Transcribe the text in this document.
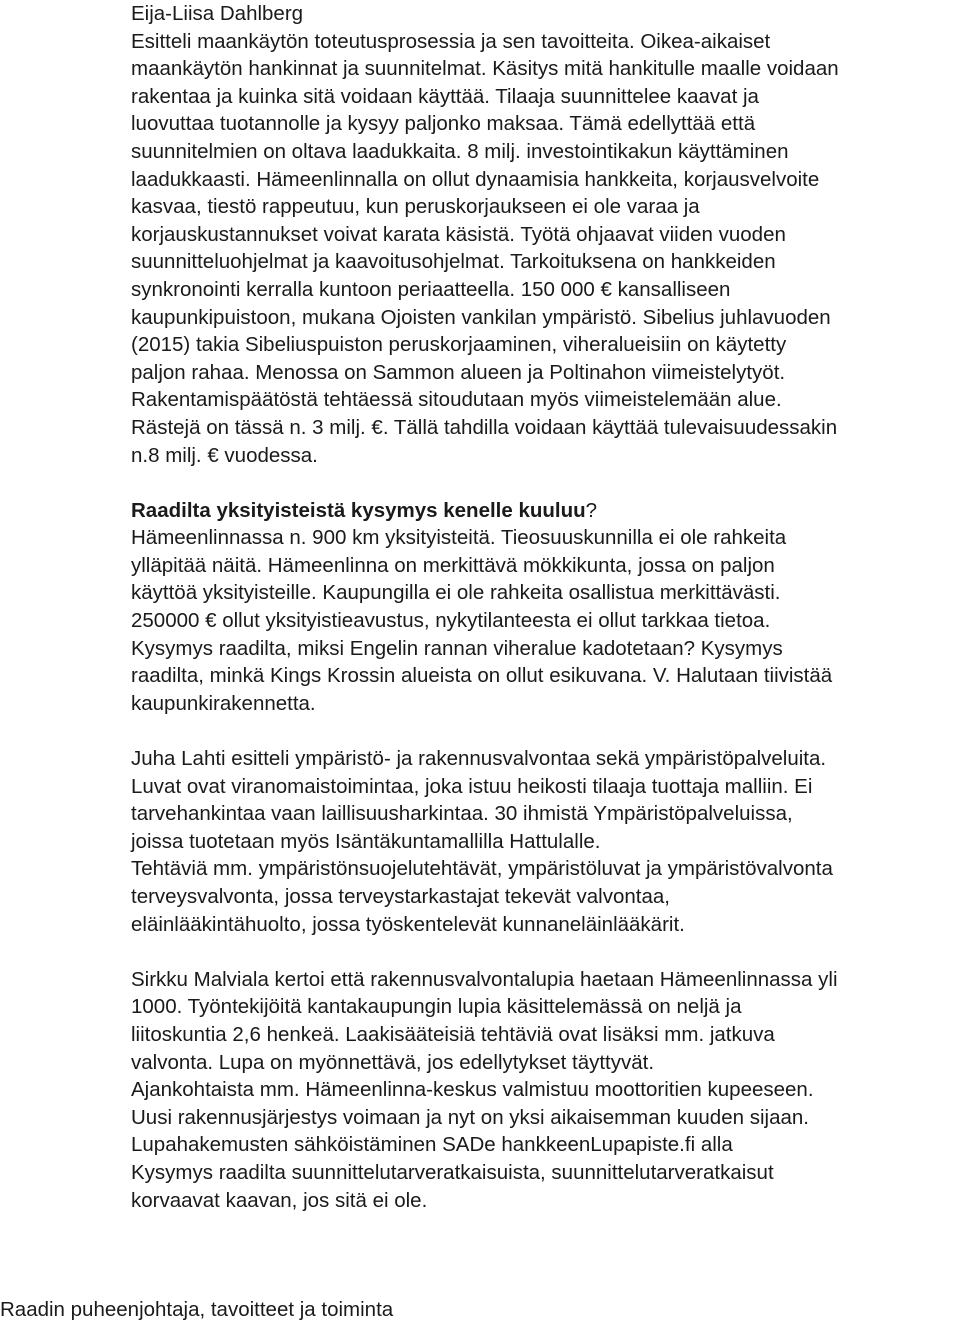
Eija-Liisa Dahlberg
Esitteli maankäytön toteutusprosessia ja sen tavoitteita. Oikea-aikaiset
maankäytön hankinnat ja suunnitelmat. Käsitys mitä hankitulle maalle voidaan
rakentaa ja kuinka sitä voidaan käyttää. Tilaaja suunnittelee kaavat ja
luovuttaa tuotannolle ja kysyy paljonko maksaa. Tämä edellyttää että
suunnitelmien on oltava laadukkaita. 8 milj. investointikakun käyttäminen
laadukkaasti. Hämeenlinnalla on ollut dynaamisia hankkeita, korjausvelvoite
kasvaa, tiestö rappeutuu, kun peruskorjaukseen ei ole varaa ja
korjauskustannukset voivat karata käsistä. Työtä ohjaavat viiden vuoden
suunnitteluohjelmat ja kaavoitusohjelmat. Tarkoituksena on hankkeiden
synkronointi kerralla kuntoon periaatteella. 150 000 € kansalliseen
kaupunkipuistoon, mukana Ojoisten vankilan ympäristö. Sibelius juhlavuoden
(2015) takia Sibeliuspuiston peruskorjaaminen, viheralueisiin on käytetty
paljon rahaa. Menossa on Sammon alueen ja Poltinahon viimeistelytyöt.
Rakentamispäätöstä tehtäessä sitoudutaan myös viimeistelemään alue.
Rästejä on tässä n. 3 milj. €. Tällä tahdilla voidaan käyttää tulevaisuudessakin
n.8 milj. € vuodessa.
Raadilta yksityisteistä kysymys kenelle kuuluu?
Hämeenlinnassa n. 900 km yksityisteitä. Tieosuuskunnilla ei ole rahkeita
ylläpitää näitä. Hämeenlinna on merkittävä mökkikunta, jossa on paljon
käyttöä yksityisteille. Kaupungilla ei ole rahkeita osallistua merkittävästi.
250000 € ollut yksityistieavustus, nykytilanteesta ei ollut tarkkaa tietoa.
Kysymys raadilta, miksi Engelin rannan viheralue kadotetaan? Kysymys
raadilta, minkä Kings Krossin alueista on ollut esikuvana. V. Halutaan tiivistää
kaupunkirakennetta.
Juha Lahti esitteli ympäristö- ja rakennusvalvontaa sekä ympäristöpalveluita.
Luvat ovat viranomaistoimintaa, joka istuu heikosti tilaaja tuottaja malliin. Ei
tarvehankintaa vaan laillisuusharkintaa. 30 ihmistä Ympäristöpalveluissa,
joissa tuotetaan myös Isäntäkuntamallilla Hattulalle.
Tehtäviä mm. ympäristönsuojelutehtävät, ympäristöluvat ja ympäristövalvonta
terveysvalvonta, jossa terveystarkastajat tekevät valvontaa,
eläinlääkintähuolto, jossa työskentelevät kunnaneläinlääkärit.
Sirkku Malviala kertoi että rakennusvalvontalupia haetaan Hämeenlinnassa yli
1000. Työntekijöitä kantakaupungin lupia käsittelemässä on neljä ja
liitoskuntia 2,6 henkeä. Laakisääteisiä tehtäviä ovat lisäksi mm. jatkuva
valvonta. Lupa on myönnettävä, jos edellytykset täyttyvät.
Ajankohtaista mm. Hämeenlinna-keskus valmistuu moottoritien kupeeseen.
Uusi rakennusjärjestys voimaan ja nyt on yksi aikaisemman kuuden sijaan.
Lupahakemusten sähköistäminen SADe hankkeenLupapiste.fi alla
Kysymys raadilta suunnittelutarveratkaisuista, suunnittelutarveratkaisut
korvaavat kaavan, jos sitä ei ole.
Raadin puheenjohtaja, tavoitteet ja toiminta
